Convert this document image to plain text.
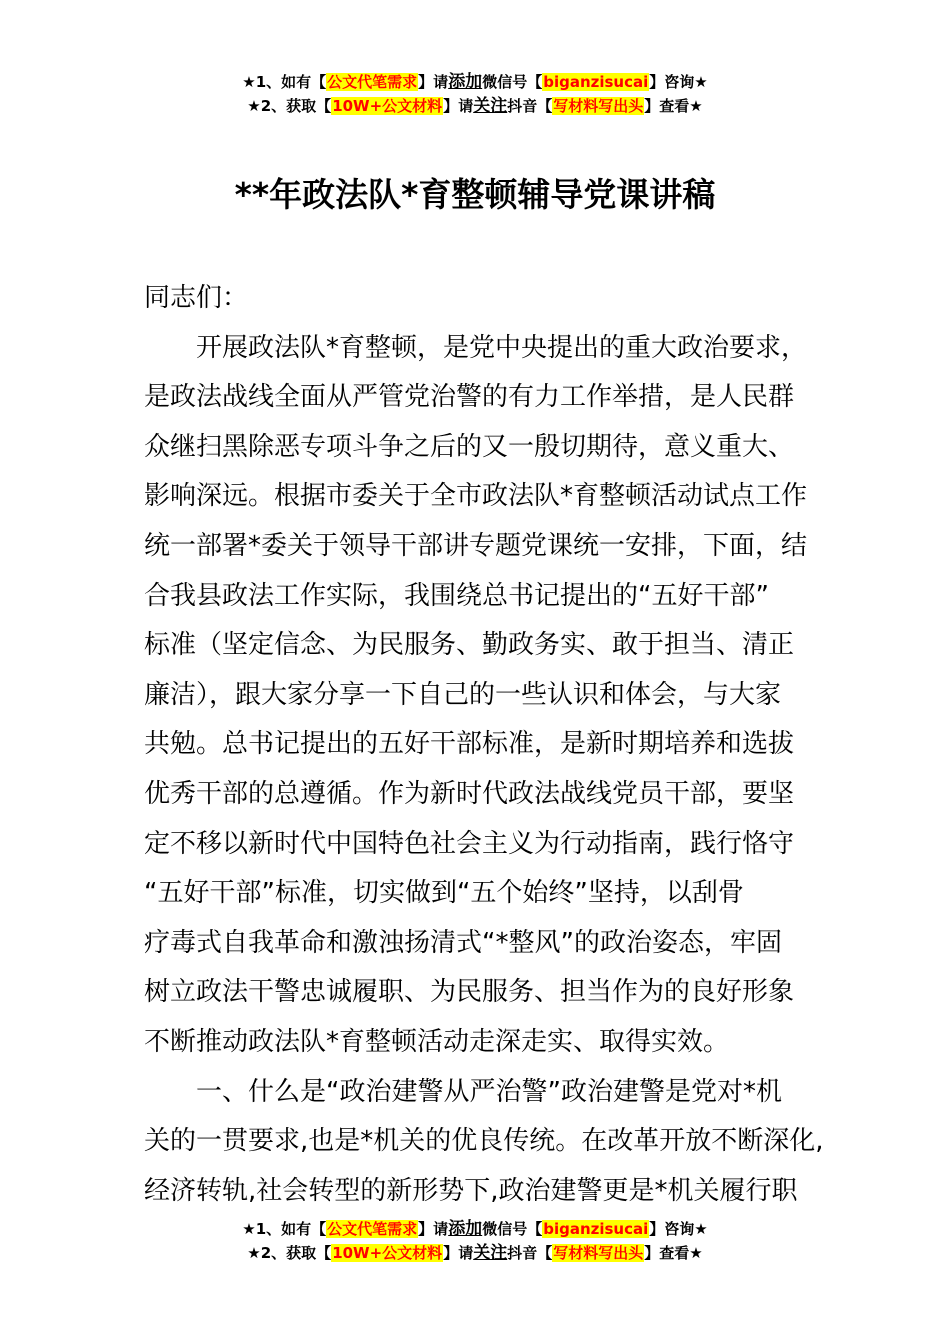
★1、如有【公文代笔需求】请添加微信号【biganzisucai】咨询★
★2、获取【10W+公文材料】请关注抖音【写材料写出头】查看★
**年政法队*育整顿辅导党课讲稿

同志们：

开展政法队*育整顿，是党中央提出的重大政治要求，

是政法战线全面从严管党治警的有力工作举措，是人民群

众继扫黑除恶专项斗争之后的又一殷切期待，意义重大、

影响深远。根据市委关于全市政法队*育整顿活动试点工作

统一部署*委关于领导干部讲专题党课统一安排，下面，结

合我县政法工作实际，我围绕总书记提出的“五好干部”

标准（坚定信念、为民服务、勤政务实、敢于担当、清正

廉洁），跟大家分享一下自己的一些认识和体会，与大家

共勉。总书记提出的五好干部标准，是新时期培养和选拔

优秀干部的总遵循。作为新时代政法战线党员干部，要坚

定不移以新时代中国特色社会主义为行动指南，践行恪守

“五好干部”标准，切实做到“五个始终”坚持，以刮骨

疗毒式自我革命和激浊扬清式“*整风”的政治姿态，牢固

树立政法干警忠诚履职、为民服务、担当作为的良好形象

不断推动政法队*育整顿活动走深走实、取得实效。

一、什么是“政治建警从严治警”政治建警是党对*机

关的一贯要求,也是*机关的优良传统。在改革开放不断深化,

经济转轨,社会转型的新形势下,政治建警更是*机关履行职

★1、如有【公文代笔需求】请添加微信号【biganzisucai】咨询★
★2、获取【10W+公文材料】请关注抖音【写材料写出头】查看★
